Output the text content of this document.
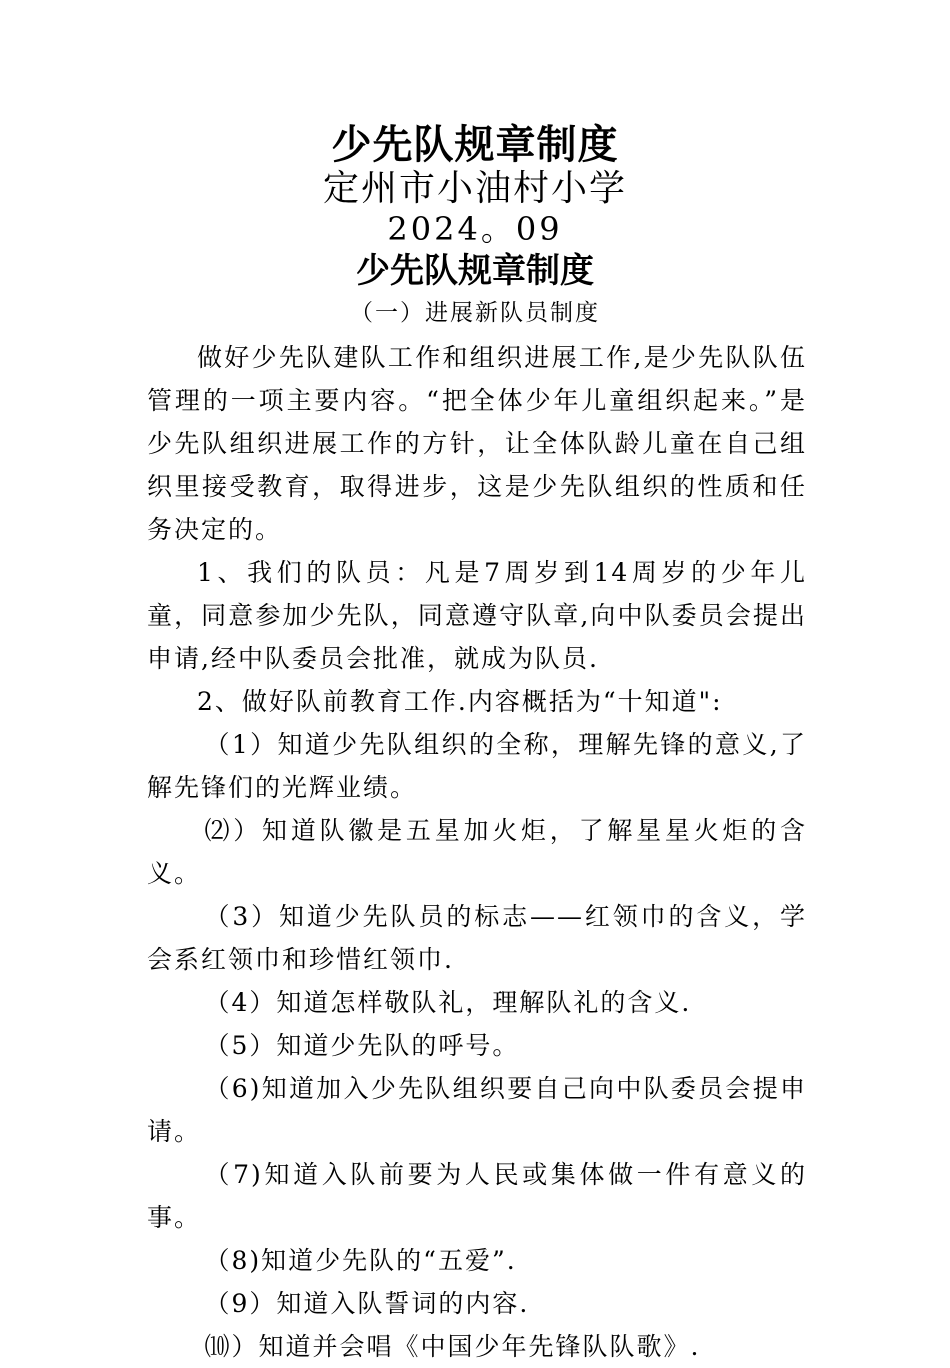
少先队规章制度
定州市小油村小学
2024。09
少先队规章制度
（一）进展新队员制度

做好少先队建队工作和组织进展工作,是少先队队伍管理的一项主要内容。“把全体少年儿童组织起来。”是少先队组织进展工作的方针，让全体队龄儿童在自己组织里接受教育，取得进步，这是少先队组织的性质和任务决定的。

1、我们的队员：凡是7周岁到14周岁的少年儿童，同意参加少先队，同意遵守队章,向中队委员会提出申请,经中队委员会批准，就成为队员.

2、做好队前教育工作.内容概括为“十知道":

（1）知道少先队组织的全称，理解先锋的意义,了解先锋们的光辉业绩。

⑵）知道队徽是五星加火炬，了解星星火炬的含义。

（3）知道少先队员的标志——红领巾的含义，学会系红领巾和珍惜红领巾.

（4）知道怎样敬队礼，理解队礼的含义.

（5）知道少先队的呼号。

（6)知道加入少先队组织要自己向中队委员会提申请。

（7)知道入队前要为人民或集体做一件有意义的事。

（8)知道少先队的“五爱”.

（9）知道入队誓词的内容.

⑽）知道并会唱《中国少年先锋队队歌》.
